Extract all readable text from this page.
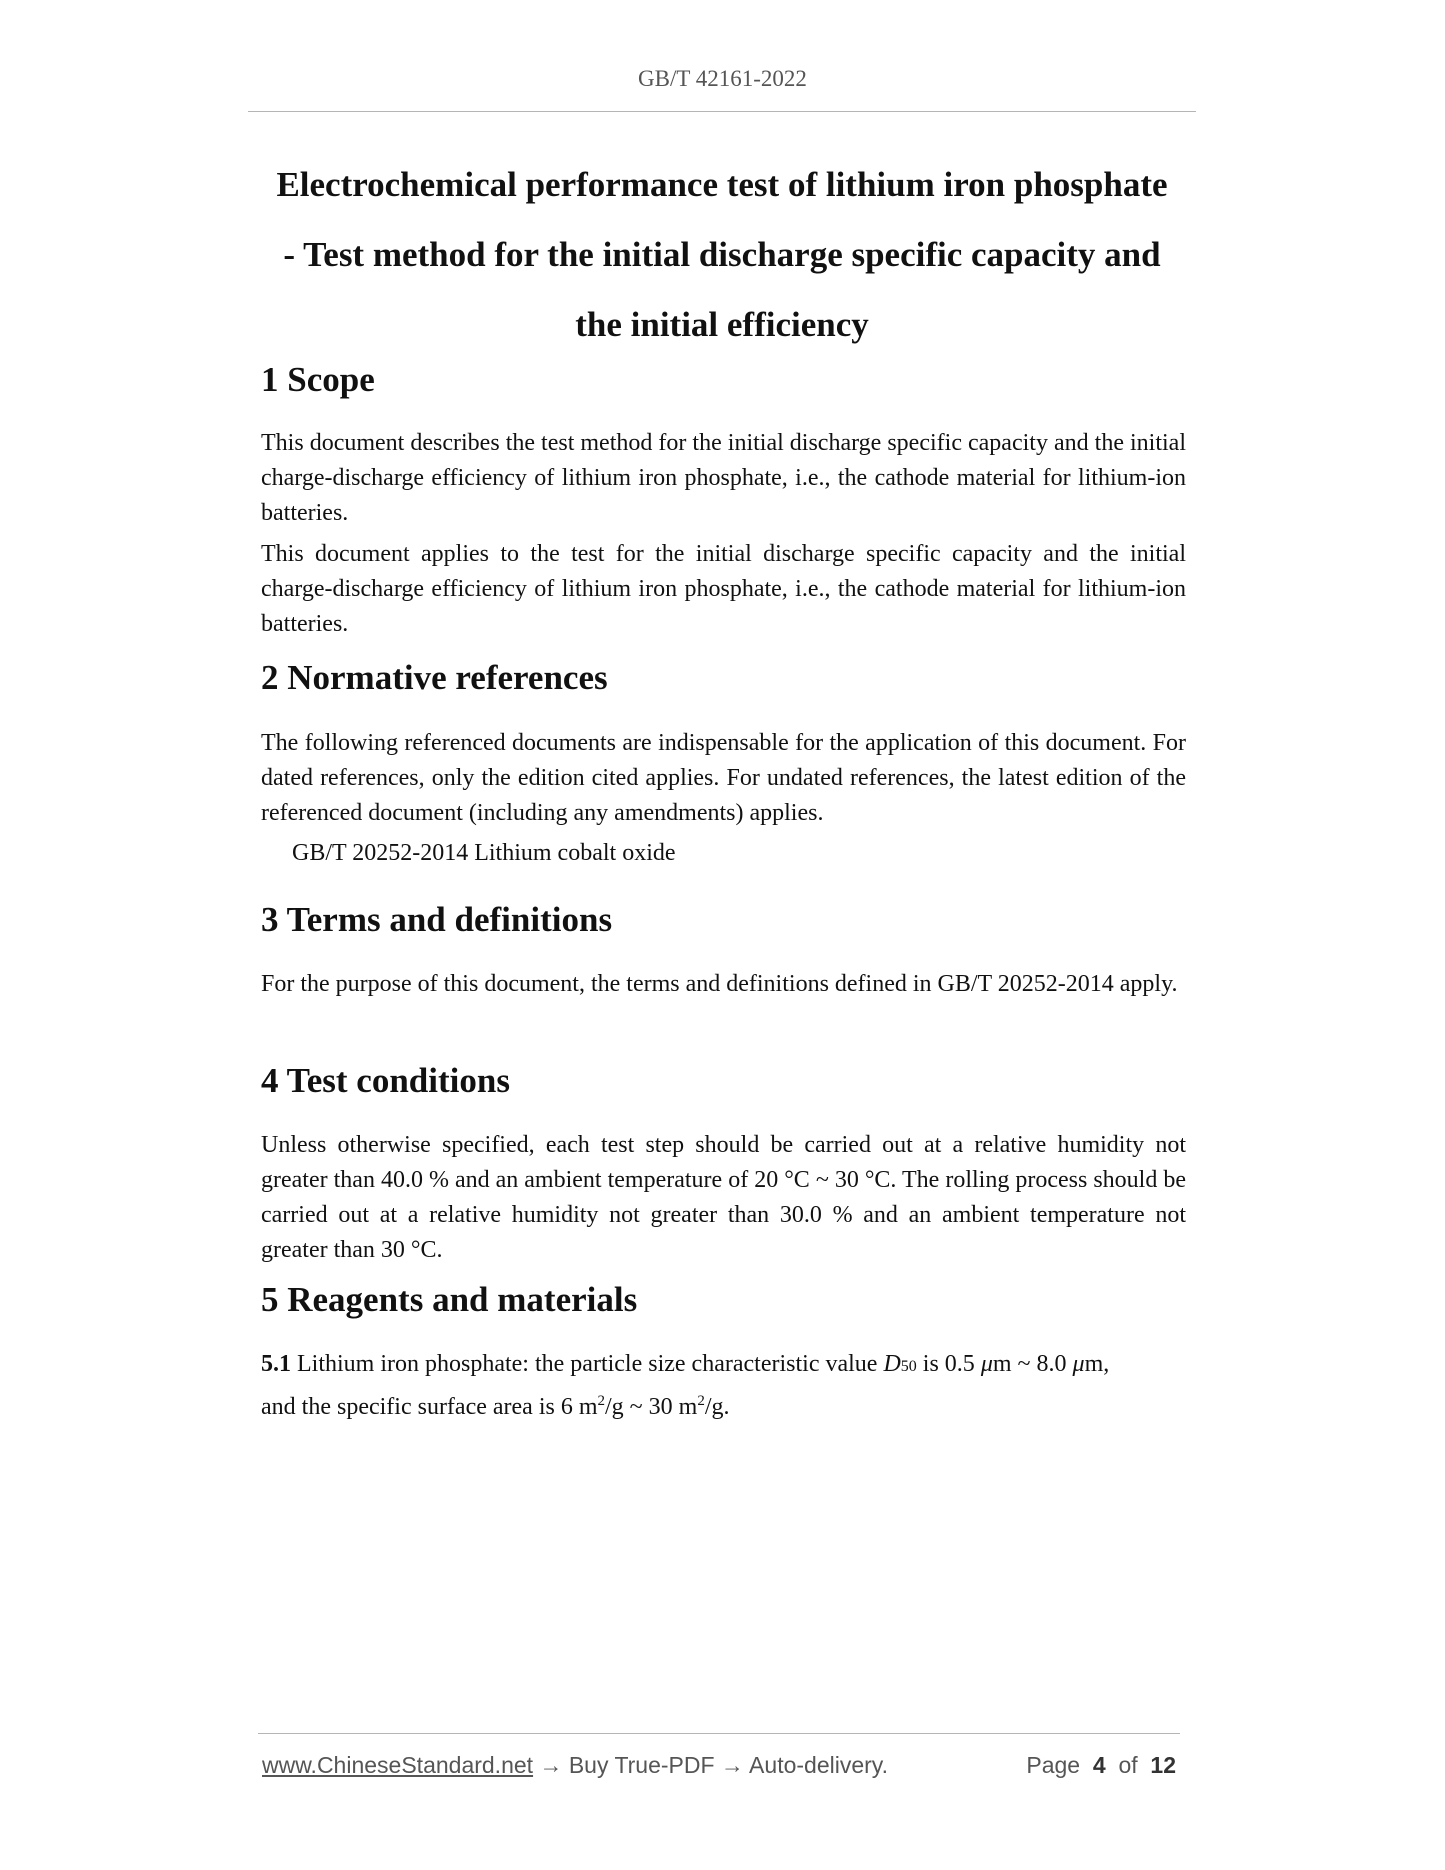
GB/T 42161-2022
Electrochemical performance test of lithium iron phosphate
- Test method for the initial discharge specific capacity and
the initial efficiency
1 Scope
This document describes the test method for the initial discharge specific capacity and the initial charge-discharge efficiency of lithium iron phosphate, i.e., the cathode material for lithium-ion batteries.
This document applies to the test for the initial discharge specific capacity and the initial charge-discharge efficiency of lithium iron phosphate, i.e., the cathode material for lithium-ion batteries.
2 Normative references
The following referenced documents are indispensable for the application of this document. For dated references, only the edition cited applies. For undated references, the latest edition of the referenced document (including any amendments) applies.
GB/T 20252-2014 Lithium cobalt oxide
3 Terms and definitions
For the purpose of this document, the terms and definitions defined in GB/T 20252-2014 apply.
4 Test conditions
Unless otherwise specified, each test step should be carried out at a relative humidity not greater than 40.0 % and an ambient temperature of 20 °C ~ 30 °C. The rolling process should be carried out at a relative humidity not greater than 30.0 % and an ambient temperature not greater than 30 °C.
5 Reagents and materials
5.1 Lithium iron phosphate: the particle size characteristic value D50 is 0.5 μm ~ 8.0 μm,
and the specific surface area is 6 $m^2/g$ ~ 30 $m^2/g$.
www.ChineseStandard.net → Buy True-PDF → Auto-delivery.	Page 4 of 12
